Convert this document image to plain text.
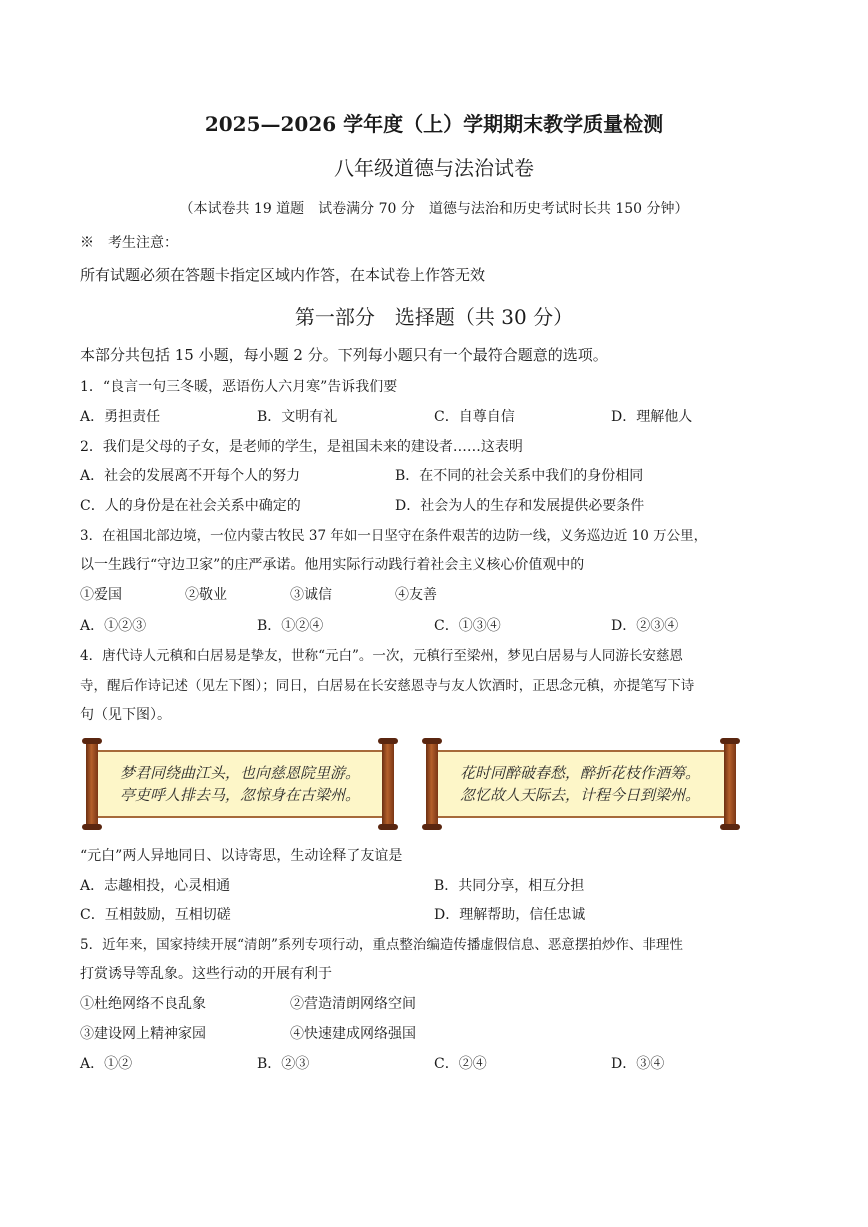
2025—2026 学年度（上）学期期末教学质量检测
八年级道德与法治试卷
（本试卷共 19 道题　试卷满分 70 分　道德与法治和历史考试时长共 150 分钟）
※　考生注意：
所有试题必须在答题卡指定区域内作答，在本试卷上作答无效
第一部分　选择题（共 30 分）
本部分共包括 15 小题，每小题 2 分。下列每小题只有一个最符合题意的选项。
1．“良言一句三冬暖，恶语伤人六月寒”告诉我们要
A．勇担责任	B．文明有礼	C．自尊自信	D．理解他人
2．我们是父母的子女，是老师的学生，是祖国未来的建设者……这表明
A．社会的发展离不开每个人的努力	B．在不同的社会关系中我们的身份相同
C．人的身份是在社会关系中确定的	D．社会为人的生存和发展提供必要条件
3．在祖国北部边境，一位内蒙古牧民 37 年如一日坚守在条件艰苦的边防一线，义务巡边近 10 万公里，
以一生践行“守边卫家”的庄严承诺。他用实际行动践行着社会主义核心价值观中的
①爱国	②敬业	③诚信	④友善
A．①②③	B．①②④	C．①③④	D．②③④
4．唐代诗人元稹和白居易是挚友，世称“元白”。一次，元稹行至梁州，梦见白居易与人同游长安慈恩
寺，醒后作诗记述（见左下图）；同日，白居易在长安慈恩寺与友人饮酒时，正思念元稹，亦提笔写下诗
句（见下图）。
梦君同绕曲江头，也向慈恩院里游。
亭吏呼人排去马，忽惊身在古梁州。
花时同醉破春愁，醉折花枝作酒筹。
忽忆故人天际去，计程今日到梁州。
“元白”两人异地同日、以诗寄思，生动诠释了友谊是
A．志趣相投，心灵相通	B．共同分享，相互分担
C．互相鼓励，互相切磋	D．理解帮助，信任忠诚
5．近年来，国家持续开展“清朗”系列专项行动，重点整治编造传播虚假信息、恶意摆拍炒作、非理性
打赏诱导等乱象。这些行动的开展有利于
①杜绝网络不良乱象	②营造清朗网络空间
③建设网上精神家园	④快速建成网络强国
A．①②	B．②③	C．②④	D．③④
